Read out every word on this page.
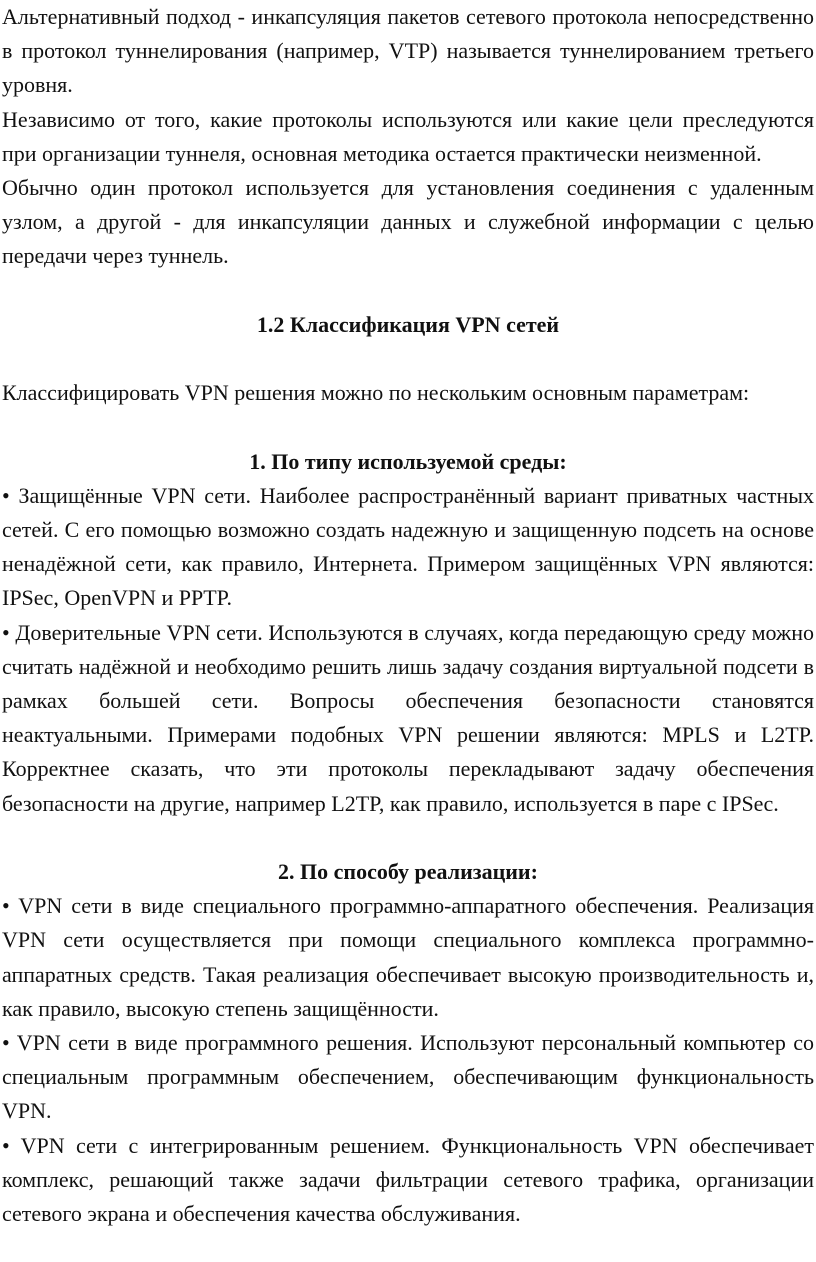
Альтернативный подход - инкапсуляция пакетов сетевого протокола непосредственно в протокол туннелирования (например, VTP) называется туннелированием третьего уровня.

Независимо от того, какие протоколы используются или какие цели преследуются при организации туннеля, основная методика остается практически неизменной.

Обычно один протокол используется для установления соединения с удаленным узлом, а другой - для инкапсуляции данных и служебной информации с целью передачи через туннель.

1.2 Классификация VPN сетей

Классифицировать VPN решения можно по нескольким основным параметрам:

1. По типу используемой среды:

• Защищённые VPN сети. Наиболее распространённый вариант приватных частных сетей. С его помощью возможно создать надежную и защищенную подсеть на основе ненадёжной сети, как правило, Интернета. Примером защищённых VPN являются: IPSec, OpenVPN и PPTP.

• Доверительные VPN сети. Используются в случаях, когда передающую среду можно считать надёжной и необходимо решить лишь задачу создания виртуальной подсети в рамках большей сети. Вопросы обеспечения безопасности становятся неактуальными. Примерами подобных VPN решении являются: MPLS и L2TP. Корректнее сказать, что эти протоколы перекладывают задачу обеспечения безопасности на другие, например L2TP, как правило, используется в паре с IPSec.

2. По способу реализации:

• VPN сети в виде специального программно-аппаратного обеспечения. Реализация VPN сети осуществляется при помощи специального комплекса программно-аппаратных средств. Такая реализация обеспечивает высокую производительность и, как правило, высокую степень защищённости.

• VPN сети в виде программного решения. Используют персональный компьютер со специальным программным обеспечением, обеспечивающим функциональность VPN.

• VPN сети с интегрированным решением. Функциональность VPN обеспечивает комплекс, решающий также задачи фильтрации сетевого трафика, организации сетевого экрана и обеспечения качества обслуживания.
